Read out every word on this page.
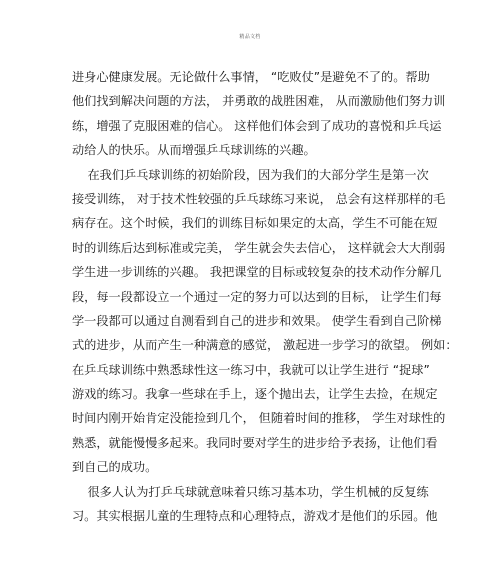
精品文档
进身心健康发展。无论做什么事情， “吃败仗”是避免不了的。帮助
他们找到解决问题的方法， 并勇敢的战胜困难， 从而激励他们努力训
练，增强了克服困难的信心。 这样他们体会到了成功的喜悦和乒乓运
动给人的快乐。从而增强乒乓球训练的兴趣。
在我们乒乓球训练的初始阶段，因为我们的大部分学生是第一次
接受训练， 对于技术性较强的乒乓球练习来说， 总会有这样那样的毛
病存在。这个时候，我们的训练目标如果定的太高，学生不可能在短
时的训练后达到标准或完美， 学生就会失去信心， 这样就会大大削弱
学生进一步训练的兴趣。 我把课堂的目标或较复杂的技术动作分解几
段，每一段都设立一个通过一定的努力可以达到的目标， 让学生们每
学一段都可以通过自测看到自己的进步和效果。 使学生看到自己阶梯
式的进步，从而产生一种满意的感觉， 激起进一步学习的欲望。 例如：
在乒乓球训练中熟悉球性这一练习中，我就可以让学生进行 “捉球”
游戏的练习。我拿一些球在手上，逐个抛出去，让学生去捡，在规定
时间内刚开始肯定没能捡到几个， 但随着时间的推移， 学生对球性的
熟悉，就能慢慢多起来。我同时要对学生的进步给予表扬，让他们看
到自己的成功。
很多人认为打乒乓球就意味着只练习基本功，学生机械的反复练
习。其实根据儿童的生理特点和心理特点，游戏才是他们的乐园。他
